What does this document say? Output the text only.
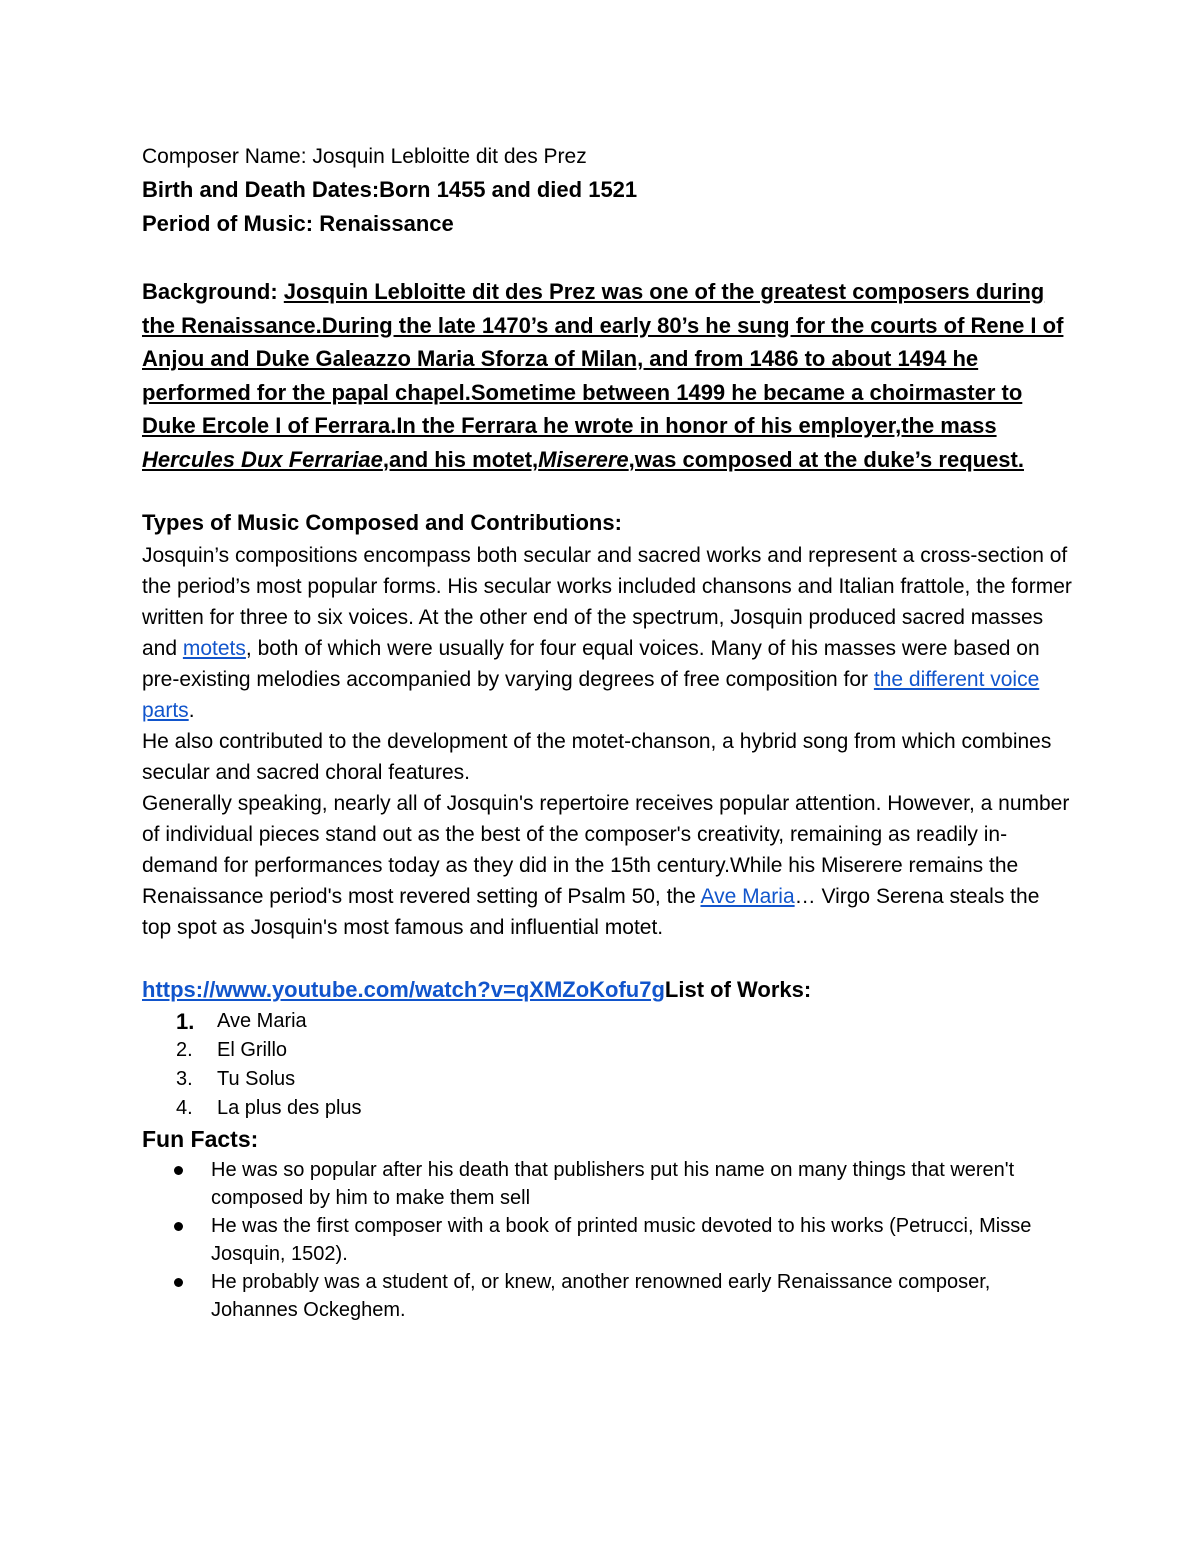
Composer Name: Josquin Lebloitte dit des Prez
Birth and Death Dates:Born 1455 and died 1521
Period of Music: Renaissance
Background: Josquin Lebloitte dit des Prez was one of the greatest composers during the Renaissance.During the late 1470’s and early 80’s he sung for the courts of Rene I of Anjou and Duke Galeazzo Maria Sforza of Milan, and from 1486 to about 1494 he performed for the papal chapel.Sometime between 1499 he became a choirmaster to Duke Ercole I of Ferrara.In the Ferrara he wrote in honor of his employer,the mass Hercules Dux Ferrariae,and his motet,Miserere,was composed at the duke’s request.
Types of Music Composed and Contributions:

Josquin’s compositions encompass both secular and sacred works and represent a cross-section of the period’s most popular forms. His secular works included chansons and Italian frattole, the former written for three to six voices. At the other end of the spectrum, Josquin produced sacred masses and motets, both of which were usually for four equal voices. Many of his masses were based on pre-existing melodies accompanied by varying degrees of free composition for the different voice parts.

He also contributed to the development of the motet-chanson, a hybrid song from which combines secular and sacred choral features.

Generally speaking, nearly all of Josquin's repertoire receives popular attention. However, a number of individual pieces stand out as the best of the composer's creativity, remaining as readily in-demand for performances today as they did in the 15th century.While his Miserere remains the Renaissance period's most revered setting of Psalm 50, the Ave Maria… Virgo Serena steals the top spot as Josquin's most famous and influential motet.

https://www.youtube.com/watch?v=qXMZoKofu7gList of Works:
1. Ave Maria
2. El Grillo
3. Tu Solus
4. La plus des plus
Fun Facts:
He was so popular after his death that publishers put his name on many things that weren't composed by him to make them sell
He was the first composer with a book of printed music devoted to his works (Petrucci, Misse Josquin, 1502).
He probably was a student of, or knew, another renowned early Renaissance composer, Johannes Ockeghem.
